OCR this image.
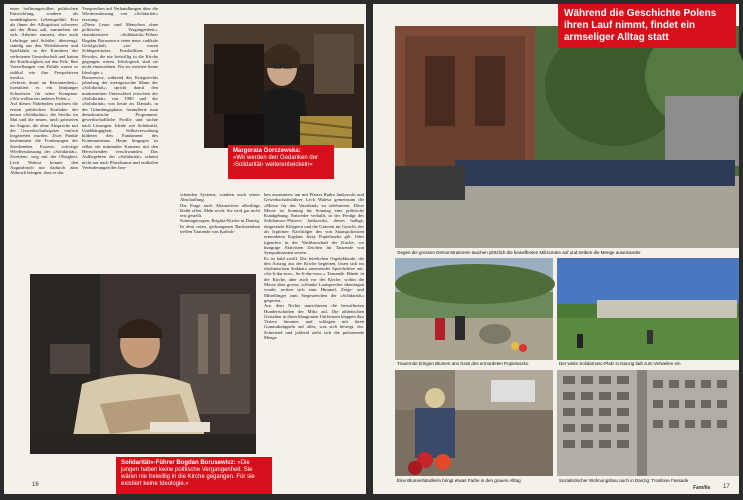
einer hoffnungsvollen politischen Entwicklung, sondern als unabdingbares Lebensgefühl. Erst als ihnen der Alltagsfrust schwerer auf der Brust saß, sammelten sie sich. Arbeiter zumeist, aber auch Lehrlinge und Schüler, überzeugt, ständig aus den Wirtshäusern und Spielklubs in die Komitees der verbotenen Gewerkschaft und hatten der Kraftlosigkeit auf den Pelz. Ihre Vorstellungen von Politik waren so radikal wie ihre Perspektiven trostlos.
»Schreis drauf an Besonnenheit«, formuliert es ein blutjunger Schweisser für seine Kumpane. »Wir wollen ein anderes Polen.«
Auf diesen Nährboden wuchsen die ersten politischen Kraftakte der neuen »Solidarität«: die Streiks im Mai und die neuen, noch grösseren im August, die ohne Absprache mit der Gewerkschaftsspitze einfach losgetreten wurden. Zwei Punkte bestimmten die Forderungen der Streikenden. Erstens: sofortige Wiederzulassung der »Solidarität«. Zweitens: weg mit der Obrigkeit. Lech Walesa konnte den Augustbruch nur dadurch zum Abbruch bringen, dass er das
Versprechen auf Verhandlungen über die Wiederzulassung von »Solidarität« erzwang.
»Diese Leute sind Menschen ohne politische Vergangenheit«, charakterisiert »Solidarität«-Führer Bogdan Borusewicz seine neue, radikale Gefolgschaft, »sie waren Schlagertrinker, Fussballfans und Rowdys, die nie freiwillig in die Kirche gegangen wären. Ideologisch sind sie nicht einzuordnen. Für sie existiert keine Ideologie.«
Borusewicz, während des Kriegsrechts jahrelang der meistgesuchte Mann der »Solidarität«, spricht damit den markantesten Unterschied zwischen der »Solidarität« von 1980 und der »Solidarität« von heute an. Damals, in der Gründungsphase, formulierte man demokratische Programme, gewerkschaftliche Profile und suchte nach Lösungen. Ideale wie Solidarität, Unabhängigkeit, Selbstverwaltung bildeten den Fundament des Kommunismus. Heute hingegen ist selbst ein minimaler Konsens mit den Herrschenden verschwunden. Das Aufbegehren der »Solidarität« scheint nicht nur nach Pluralismus und radikalen Veränderungen des herr-
Margorata Gorczewska:
»Wir werden den Gedanken der ›Solidarität‹ weiterentwickeln«
schenden Systems, sondern auch seiner Abschaffung.
Die Frage nach Alternativen allerdings bleibt offen. Mehr noch: Sie wird gar nicht erst gestellt.
Sonntagmorgen, Brigitta-Kirche in Danzig. In dem roten, gedrungenen Backsteinbau treffen Tausende von Katholi-
ken zusammen, um mit Pfarrer Radra Jankowski und Gewerkschaftsführer Lech Walesa gemeinsam die »Messe für das Vaterland« zu zelebrieren. Diese Messe ist Sonntag für Sonntag eine politische Kundgebung. Entweder verhallt, in der Predigt des Solidarnosc-Pfarrers Jankowski, dieses hallige, eingesetzte Klöppern und die Grüssen im Gesicht, der als legitimer Nachfolger des von Staatspolizisten ermordeten Kaplans Jerzy Popieluszko gilt. Oder irgendwo in der Nachbarschaft der Kirche, wo hungrige Aktivisten Zeichen für Tausende von Sympathisanten setzen.
Es ist bald zwölf. Die feierlichen Orgelakkorde, die den Auszug aus der Kirche begleiten, lösen sich im rhythmischen Stakkato anwesender Sprechchöre auf: »So-li-dar-nosc, So-li-dar-nosc.« Tausende Hände in der Kirche, aber auch vor der Kirche, wohin die Messe über grosse, schlanke Lautsprecher übertragen wurde, recken sich zum Himmel, Zeige- und Mittelfinger zum Siegeszeichen der »Solidarität« gespreizt.
Aus dem Nichts marschieren die bewaffneten Hundertschaften der Miliz auf. Die athletischen Gestalten in ihren blaugrauen Uniformen klappen ihre Visiere hinunter und schlagen mit ihren Gummiknüppeln auf alles, was sich bewegt, ein. Schreiend und johlend zieht sich die pulsierende Menge
Solidarität«-Führer Bogdan Borusewicz: »Die jungen haben keine politische Vergangenheit. Sie wären nie freiwillig in die Kirche gegangen. Für sie existiert keine Ideologie.«
16
Während die Geschichte Polens ihren Lauf nimmt, findet ein armseliger Alltag statt
Gegen die grossen Demonstrationen tauchen plötzlich die bewaffneten Milizionäre auf und treiben die Menge auseinander
Trauernde bringen Blumen ans Grab des ermordeten Popieluszko	Der weite Solidarnosc-Platz in Danzig lädt zum Verweilen ein
Eine Blumenhändlerin bringt etwas Farbe in den grauen Alltag	Sozialistischer Wohnungsbau auch in Danzig: Trostlose Fassade
Familie 17
